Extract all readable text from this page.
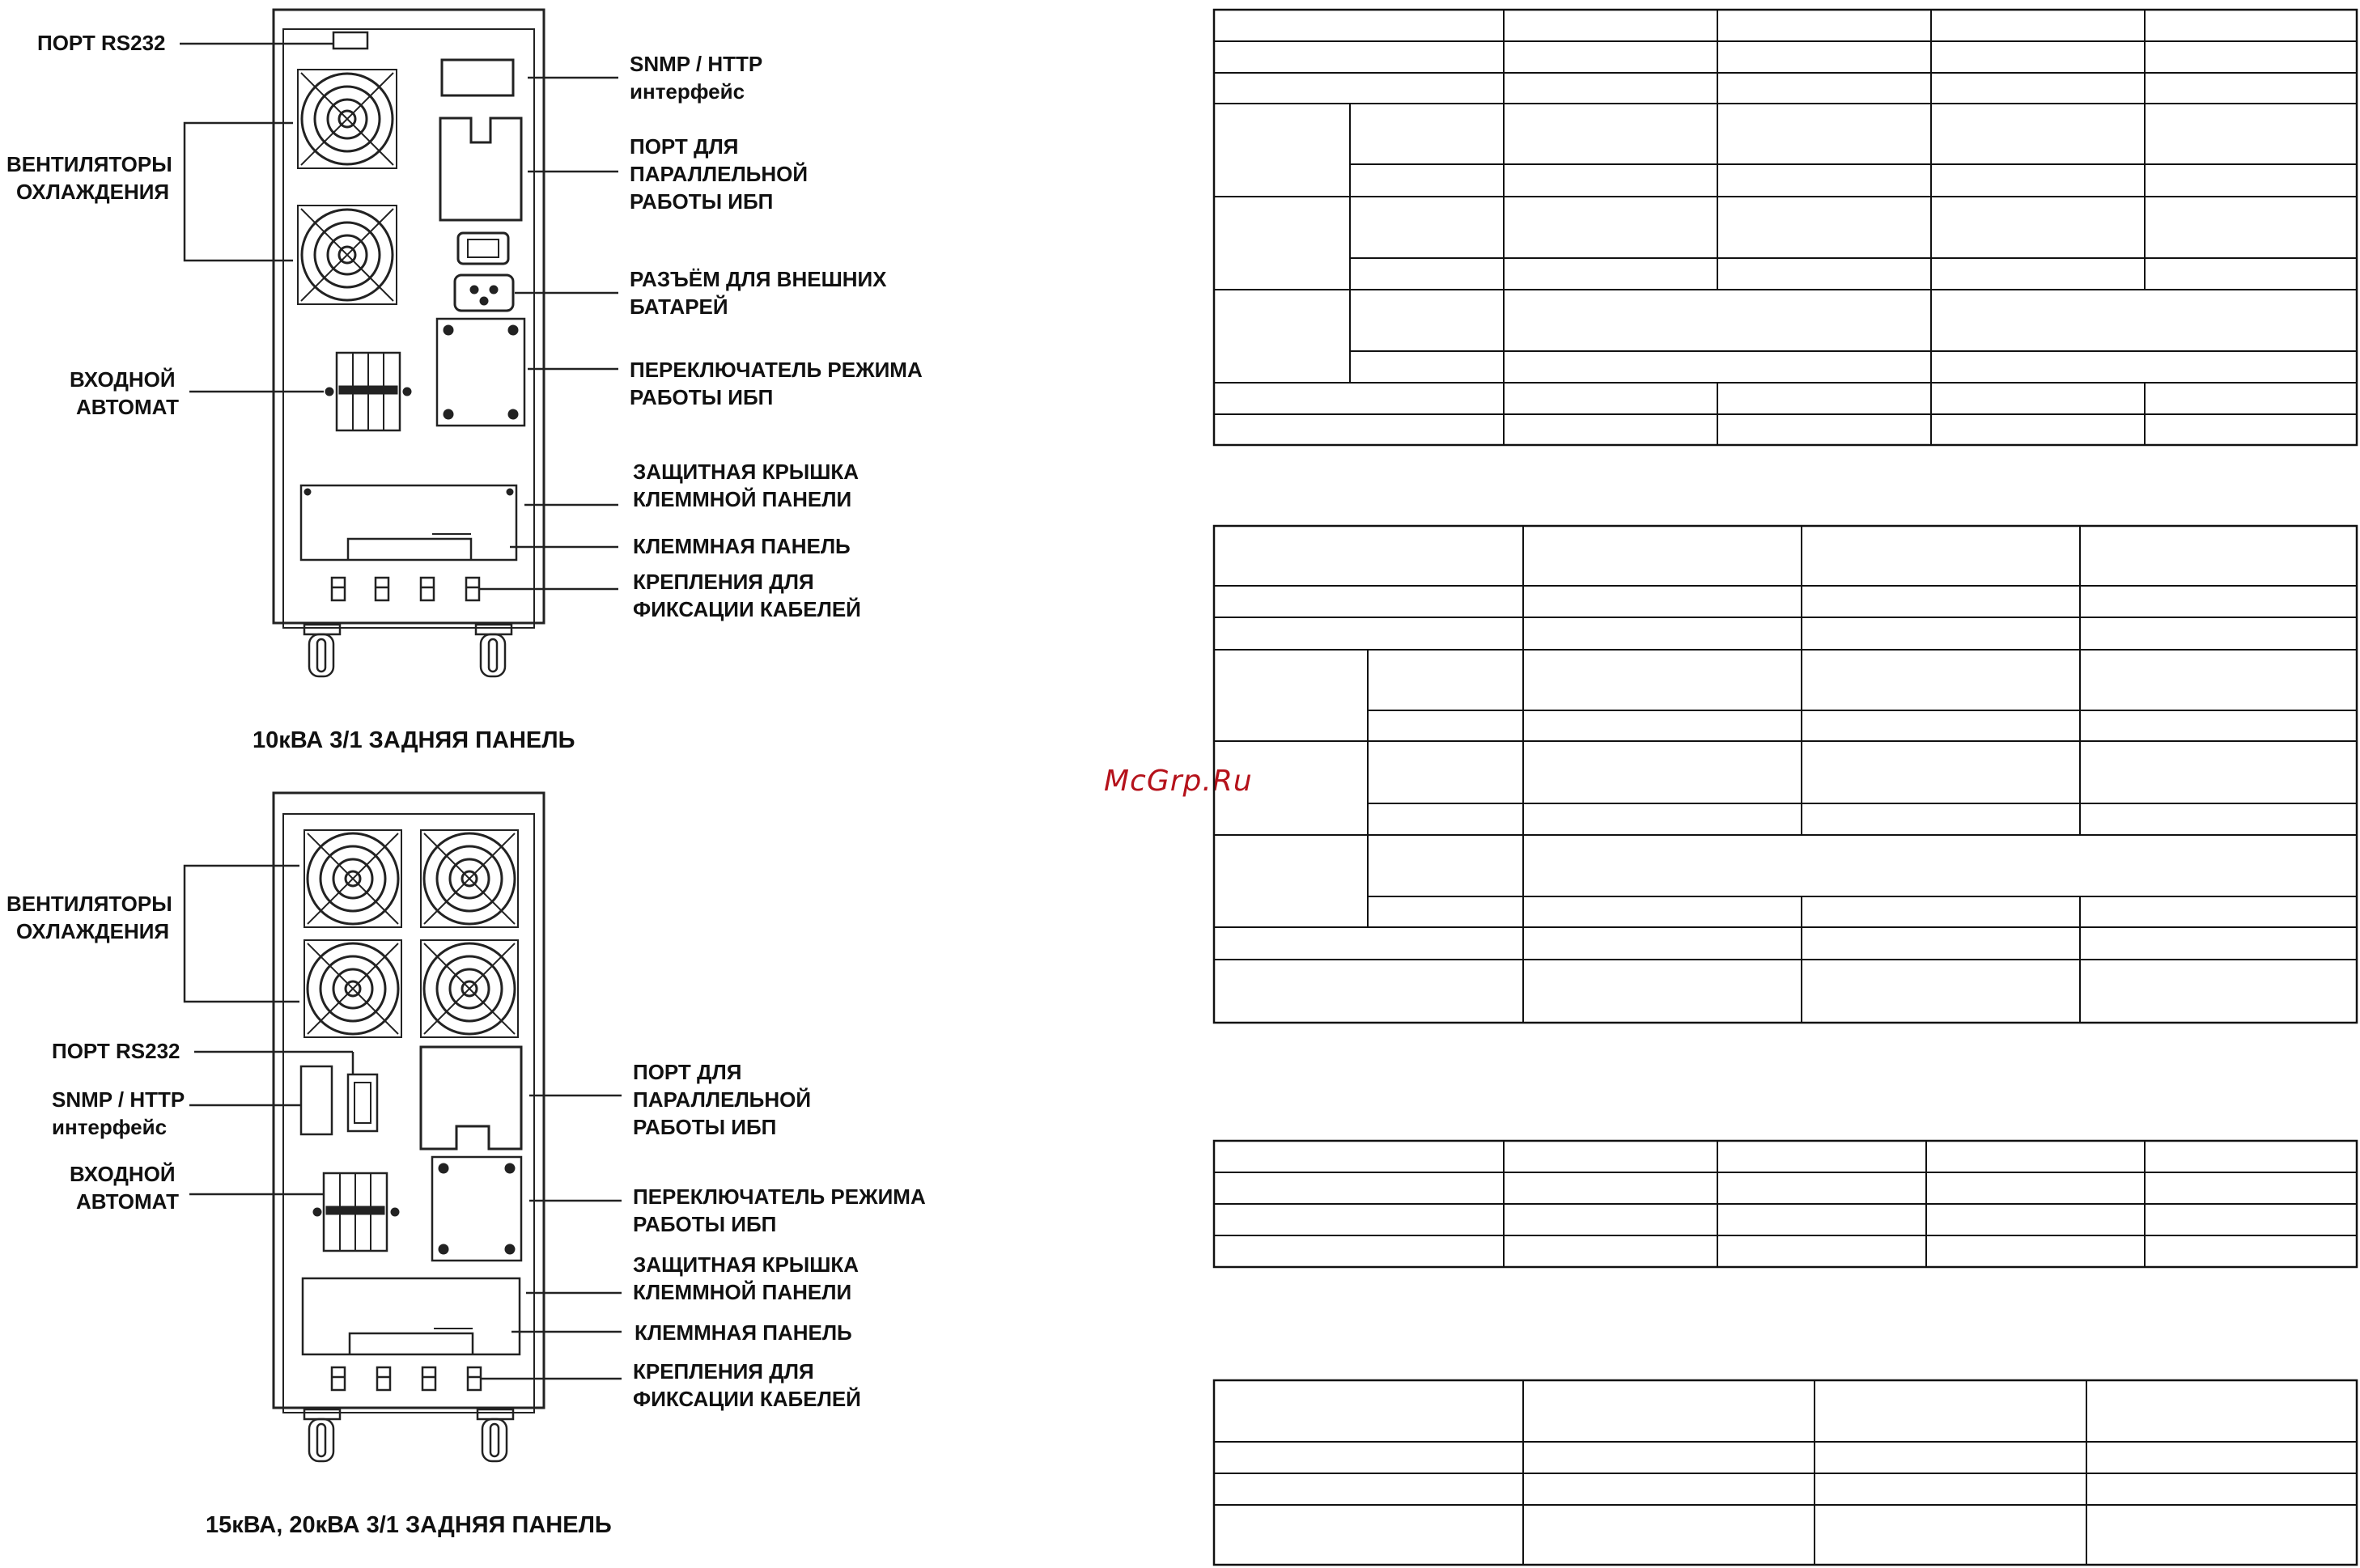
ПОРТ RS232
ВЕНТИЛЯТОРЫ
ОХЛАЖДЕНИЯ
ВХОДНОЙ
АВТОМАТ
SNMP / HTTP
интерфейс
ПОРТ ДЛЯ
ПАРАЛЛЕЛЬНОЙ
РАБОТЫ ИБП
РАЗЪЁМ ДЛЯ ВНЕШНИХ
БАТАРЕЙ
ПЕРЕКЛЮЧАТЕЛЬ РЕЖИМА
РАБОТЫ ИБП
ЗАЩИТНАЯ КРЫШКА
КЛЕММНОЙ ПАНЕЛИ
КЛЕММНАЯ ПАНЕЛЬ
КРЕПЛЕНИЯ ДЛЯ
ФИКСАЦИИ КАБЕЛЕЙ
10кВА 3/1 ЗАДНЯЯ ПАНЕЛЬ
ВЕНТИЛЯТОРЫ
ОХЛАЖДЕНИЯ
ПОРТ RS232
SNMP / HTTP
интерфейс
ВХОДНОЙ
АВТОМАТ
ПОРТ ДЛЯ
ПАРАЛЛЕЛЬНОЙ
РАБОТЫ ИБП
ПЕРЕКЛЮЧАТЕЛЬ РЕЖИМА
РАБОТЫ ИБП
ЗАЩИТНАЯ КРЫШКА
КЛЕММНОЙ ПАНЕЛИ
КЛЕММНАЯ ПАНЕЛЬ
КРЕПЛЕНИЯ ДЛЯ
ФИКСАЦИИ КАБЕЛЕЙ
15кВА, 20кВА 3/1 ЗАДНЯЯ ПАНЕЛЬ
McGrp.Ru
